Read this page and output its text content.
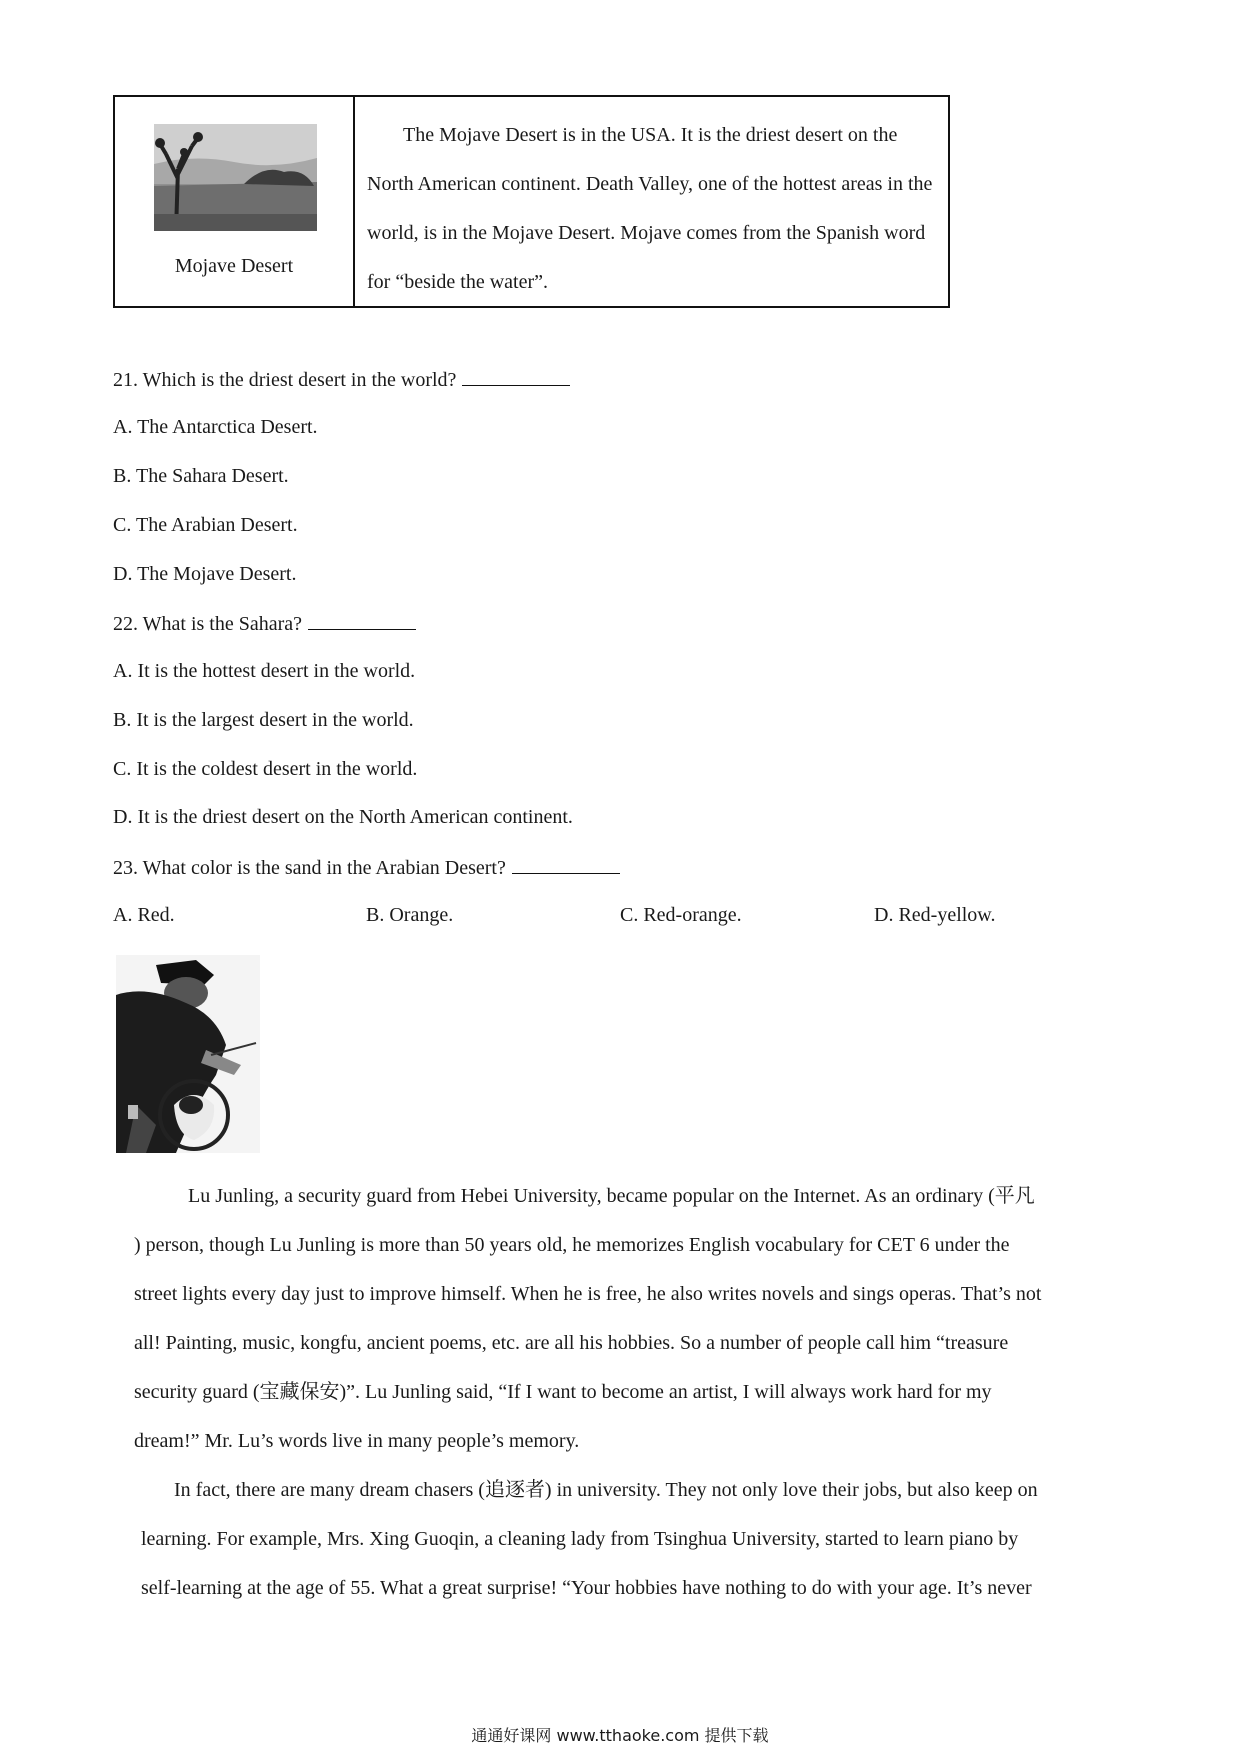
Mojave Desert

The Mojave Desert is in the USA. It is the driest desert on the North American continent. Death Valley, one of the hottest areas in the world, is in the Mojave Desert. Mojave comes from the Spanish word for “beside the water”.

21. Which is the driest desert in the world?
A. The Antarctica Desert.
B. The Sahara Desert.
C. The Arabian Desert.
D. The Mojave Desert.
22. What is the Sahara?
A. It is the hottest desert in the world.
B. It is the largest desert in the world.
C. It is the coldest desert in the world.
D. It is the driest desert on the North American continent.
23. What color is the sand in the Arabian Desert?
A. Red.	B. Orange.	C. Red-orange.	D. Red-yellow.

Lu Junling, a security guard from Hebei University, became popular on the Internet. As an ordinary (平凡

) person, though Lu Junling is more than 50 years old, he memorizes English vocabulary for CET 6 under the

street lights every day just to improve himself. When he is free, he also writes novels and sings operas. That’s not

all! Painting, music, kongfu, ancient poems, etc. are all his hobbies. So a number of people call him “treasure

security guard (宝藏保安)”. Lu Junling said, “If I want to become an artist, I will always work hard for my

dream!” Mr. Lu’s words live in many people’s memory.

In fact, there are many dream chasers (追逐者) in university. They not only love their jobs, but also keep on

learning. For example, Mrs. Xing Guoqin, a cleaning lady from Tsinghua University, started to learn piano by

self-learning at the age of 55. What a great surprise! “Your hobbies have nothing to do with your age. It’s never

通通好课网 www.tthaoke.com 提供下载
